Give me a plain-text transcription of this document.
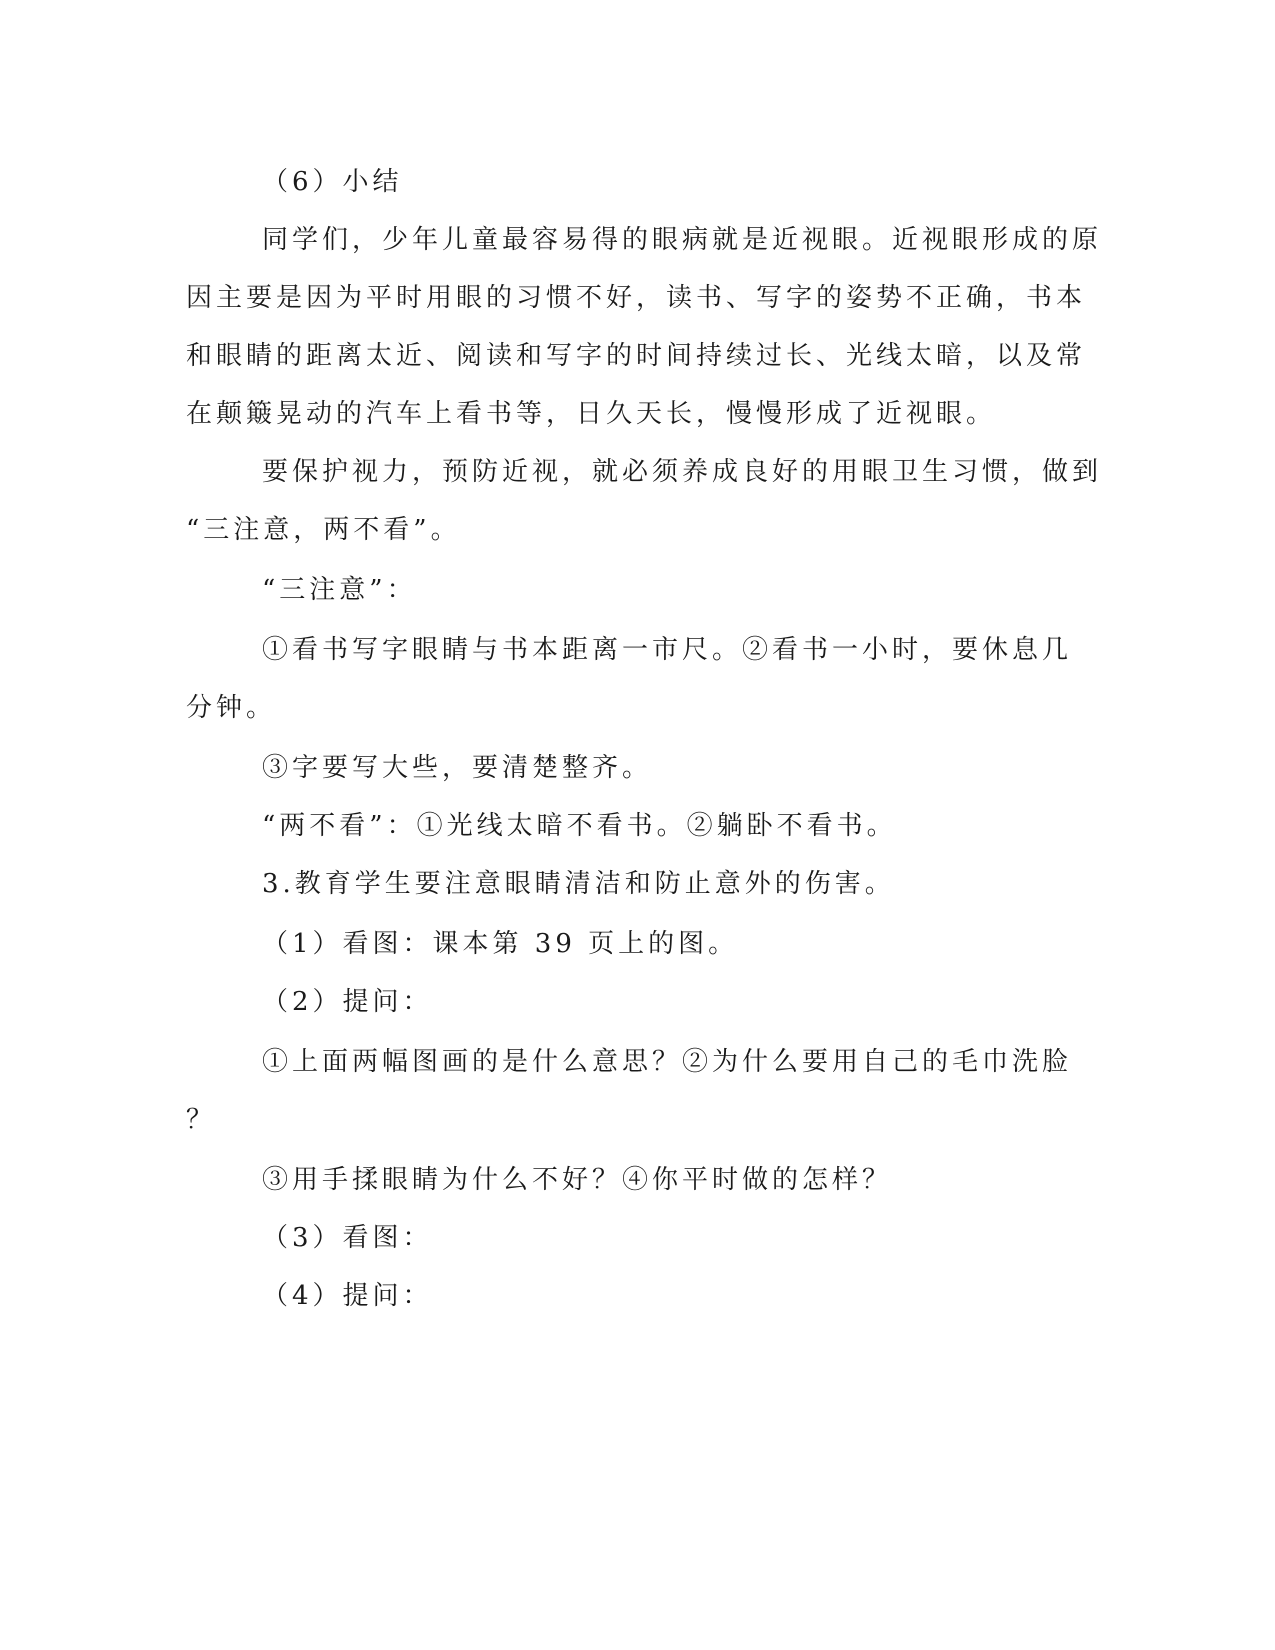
（6）小结
同学们，少年儿童最容易得的眼病就是近视眼。近视眼形成的原
因主要是因为平时用眼的习惯不好，读书、写字的姿势不正确，书本
和眼睛的距离太近、阅读和写字的时间持续过长、光线太暗，以及常
在颠簸晃动的汽车上看书等，日久天长，慢慢形成了近视眼。
要保护视力，预防近视，就必须养成良好的用眼卫生习惯，做到
“三注意，两不看”。
“三注意”：
①看书写字眼睛与书本距离一市尺。②看书一小时，要休息几
分钟。
③字要写大些，要清楚整齐。
“两不看”：①光线太暗不看书。②躺卧不看书。
3.教育学生要注意眼睛清洁和防止意外的伤害。
（1）看图：课本第 39 页上的图。
（2）提问：
①上面两幅图画的是什么意思？②为什么要用自己的毛巾洗脸
？
③用手揉眼睛为什么不好？④你平时做的怎样？
（3）看图：
（4）提问：
